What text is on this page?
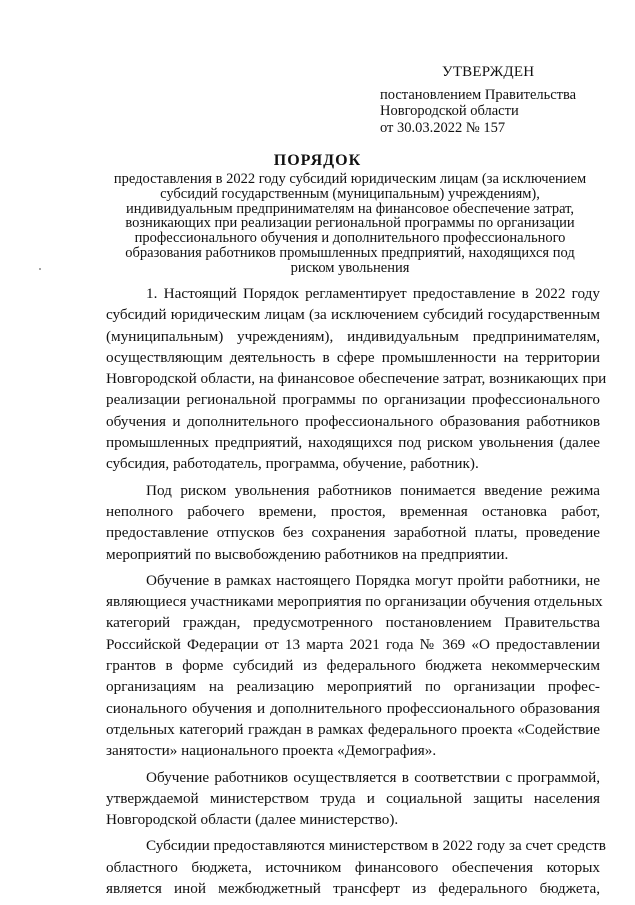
УТВЕРЖДЕН
постановлением Правительства
Новгородской области
от 30.03.2022 № 157
ПОРЯДОК
предоставления в 2022 году субсидий юридическим лицам (за исключением
субсидий государственным (муниципальным) учреждениям),
индивидуальным предпринимателям на финансовое обеспечение затрат,
возникающих при реализации региональной программы по организации
профессионального обучения и дополнительного профессионального
образования работников промышленных предприятий, находящихся под
риском увольнения
1. Настоящий Порядок регламентирует предоставление в 2022 году
субсидий юридическим лицам (за исключением субсидий государственным
(муниципальным) учреждениям), индивидуальным предпринимателям,
осуществляющим деятельность в сфере промышленности на территории
Новгородской области, на финансовое обеспечение затрат, возникающих при
реализации региональной программы по организации профессионального
обучения и дополнительного профессионального образования работников
промышленных предприятий, находящихся под риском увольнения (далее
субсидия, работодатель, программа, обучение, работник).
Под риском увольнения работников понимается введение режима
неполного рабочего времени, простоя, временная остановка работ,
предоставление отпусков без сохранения заработной платы, проведение
мероприятий по высвобождению работников на предприятии.
Обучение в рамках настоящего Порядка могут пройти работники, не
являющиеся участниками мероприятия по организации обучения отдельных
категорий граждан, предусмотренного постановлением Правительства
Российской Федерации от 13 марта 2021 года № 369 «О предоставлении
грантов в форме субсидий из федерального бюджета некоммерческим
организациям на реализацию мероприятий по организации профес-
сионального обучения и дополнительного профессионального образования
отдельных категорий граждан в рамках федерального проекта «Содействие
занятости» национального проекта «Демография».
Обучение работников осуществляется в соответствии с программой,
утверждаемой министерством труда и социальной защиты населения
Новгородской области (далее министерство).
Субсидии предоставляются министерством в 2022 году за счет средств
областного бюджета, источником финансового обеспечения которых
является иной межбюджетный трансферт из федерального бюджета,
